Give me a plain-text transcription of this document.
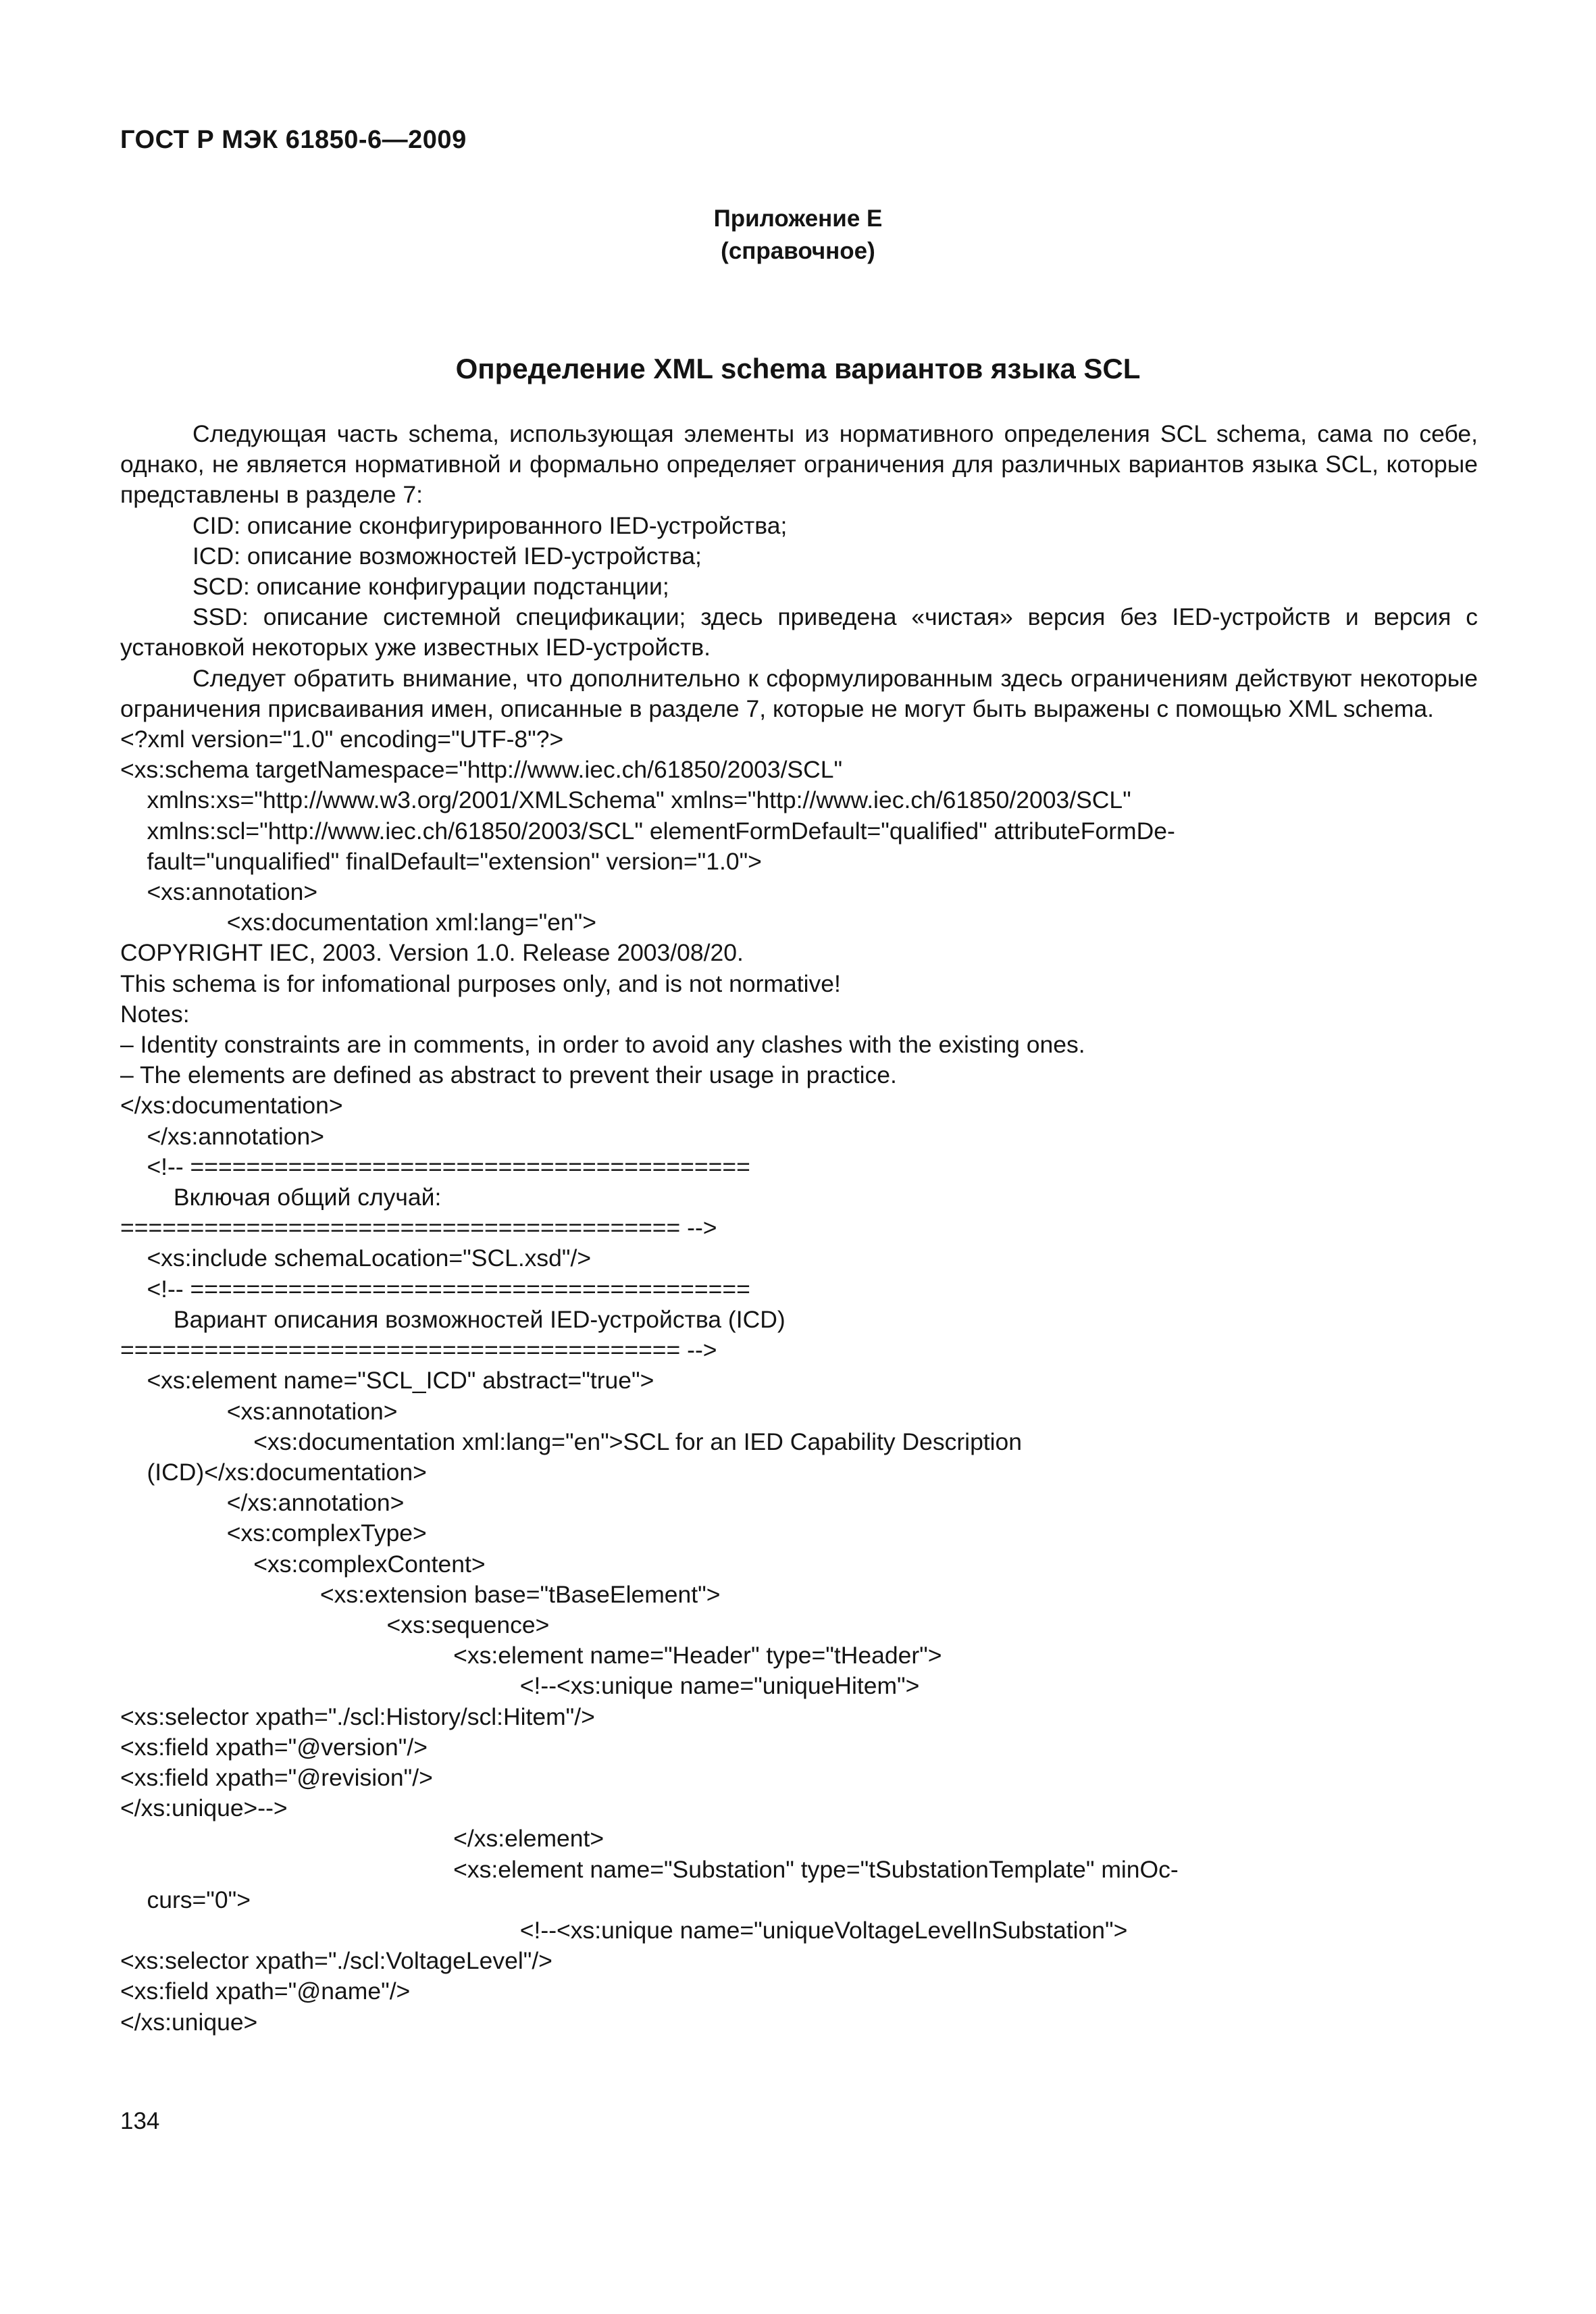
ГОСТ Р МЭК 61850-6—2009
Приложение Е
(справочное)
Определение XML schema вариантов языка SCL

Следующая часть schema, использующая элементы из нормативного определения SCL schema, сама по себе, однако, не является нормативной и формально определяет ограничения для различных вариантов языка SCL, которые представлены в разделе 7:

CID: описание сконфигурированного IED-устройства;
ICD: описание возможностей IED-устройства;
SCD: описание конфигурации подстанции;

SSD: описание системной спецификации; здесь приведена «чистая» версия без IED-устройств и версия с установкой некоторых уже известных IED-устройств.

Следует обратить внимание, что дополнительно к сформулированным здесь ограничениям действуют некоторые ограничения присваивания имен, описанные в разделе 7, которые не могут быть выражены с помощью XML schema.

<?xml version="1.0" encoding="UTF-8"?>
<xs:schema targetNamespace="http://www.iec.ch/61850/2003/SCL"
xmlns:xs="http://www.w3.org/2001/XMLSchema" xmlns="http://www.iec.ch/61850/2003/SCL"
xmlns:scl="http://www.iec.ch/61850/2003/SCL" elementFormDefault="qualified" attributeFormDe-
fault="unqualified" finalDefault="extension" version="1.0">
<xs:annotation>
<xs:documentation xml:lang="en">
COPYRIGHT IEC, 2003. Version 1.0. Release 2003/08/20.
This schema is for infomational purposes only, and is not normative!
Notes:
– Identity constraints are in comments, in order to avoid any clashes with the existing ones.
– The elements are defined as abstract to prevent their usage in practice.
</xs:documentation>
</xs:annotation>
<!-- ========================================
Включая общий случай:
======================================== -->
<xs:include schemaLocation="SCL.xsd"/>
<!-- ========================================
Вариант описания возможностей IED-устройства (ICD)
======================================== -->
<xs:element name="SCL_ICD" abstract="true">
<xs:annotation>
<xs:documentation xml:lang="en">SCL for an IED Capability Description
(ICD)</xs:documentation>
</xs:annotation>
<xs:complexType>
<xs:complexContent>
<xs:extension base="tBaseElement">
<xs:sequence>
<xs:element name="Header" type="tHeader">
<!--<xs:unique name="uniqueHitem">
<xs:selector xpath="./scl:History/scl:Hitem"/>
<xs:field xpath="@version"/>
<xs:field xpath="@revision"/>
</xs:unique>-->
</xs:element>
<xs:element name="Substation" type="tSubstationTemplate" minOc-
curs="0">
<!--<xs:unique name="uniqueVoltageLevelInSubstation">
<xs:selector xpath="./scl:VoltageLevel"/>
<xs:field xpath="@name"/>
</xs:unique>
134
